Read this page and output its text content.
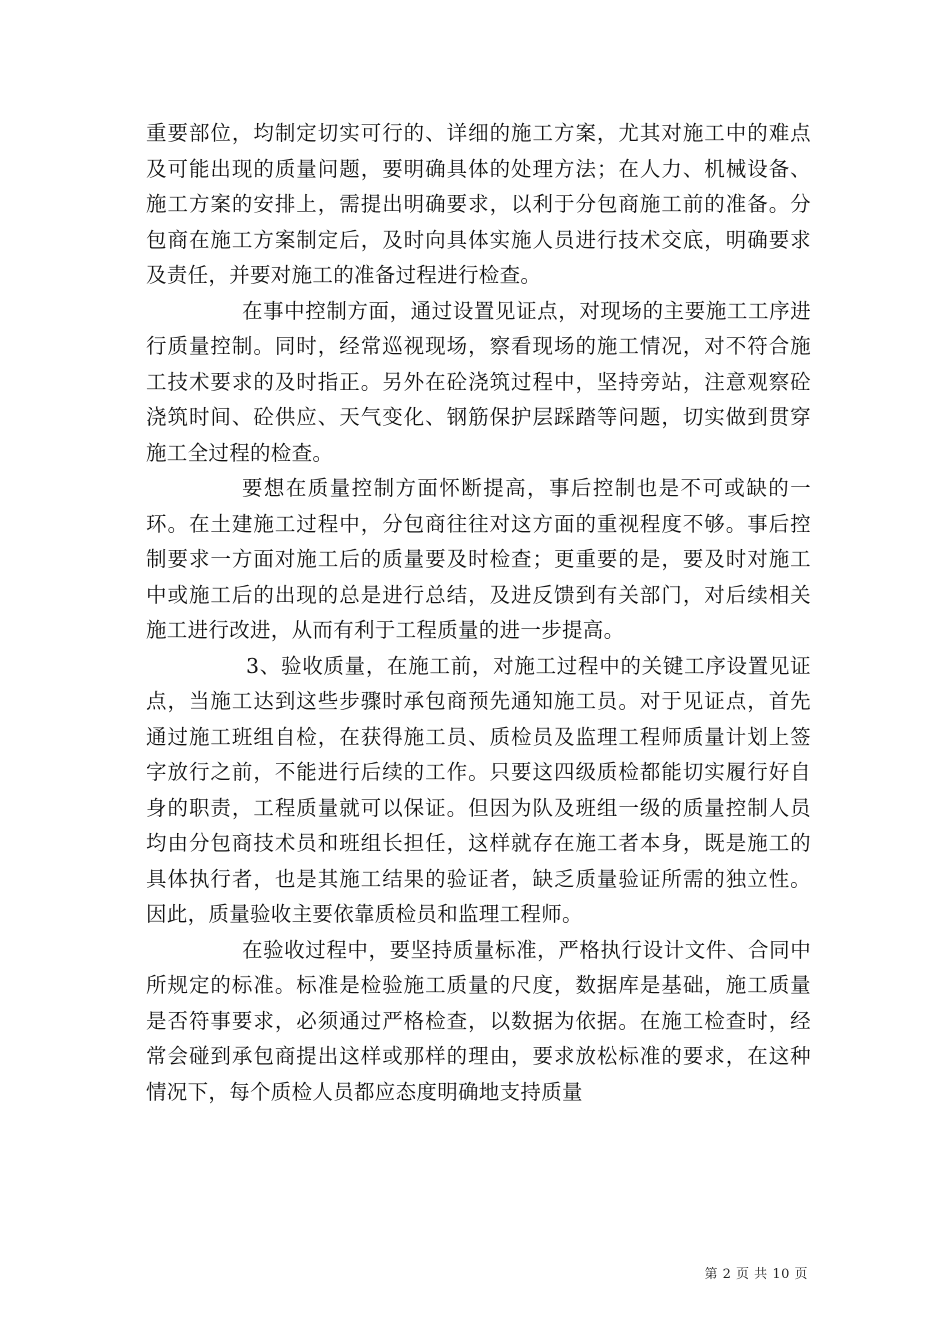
重要部位，均制定切实可行的、详细的施工方案，尤其对施工中的难点及可能出现的质量问题，要明确具体的处理方法；在人力、机械设备、施工方案的安排上，需提出明确要求，以利于分包商施工前的准备。分包商在施工方案制定后，及时向具体实施人员进行技术交底，明确要求及责任，并要对施工的准备过程进行检查。

在事中控制方面，通过设置见证点，对现场的主要施工工序进行质量控制。同时，经常巡视现场，察看现场的施工情况，对不符合施工技术要求的及时指正。另外在砼浇筑过程中，坚持旁站，注意观察砼浇筑时间、砼供应、天气变化、钢筋保护层踩踏等问题，切实做到贯穿施工全过程的检查。

要想在质量控制方面怀断提高，事后控制也是不可或缺的一环。在土建施工过程中，分包商往往对这方面的重视程度不够。事后控制要求一方面对施工后的质量要及时检查；更重要的是，要及时对施工中或施工后的出现的总是进行总结，及进反馈到有关部门，对后续相关施工进行改进，从而有利于工程质量的进一步提高。

3、验收质量，在施工前，对施工过程中的关键工序设置见证点，当施工达到这些步骤时承包商预先通知施工员。对于见证点，首先通过施工班组自检，在获得施工员、质检员及监理工程师质量计划上签字放行之前，不能进行后续的工作。只要这四级质检都能切实履行好自身的职责，工程质量就可以保证。但因为队及班组一级的质量控制人员均由分包商技术员和班组长担任，这样就存在施工者本身，既是施工的具体执行者，也是其施工结果的验证者，缺乏质量验证所需的独立性。因此，质量验收主要依靠质检员和监理工程师。

在验收过程中，要坚持质量标准，严格执行设计文件、合同中所规定的标准。标准是检验施工质量的尺度，数据库是基础，施工质量是否符事要求，必须通过严格检查，以数据为依据。在施工检查时，经常会碰到承包商提出这样或那样的理由，要求放松标准的要求，在这种情况下，每个质检人员都应态度明确地支持质量

第 2 页 共 10 页
